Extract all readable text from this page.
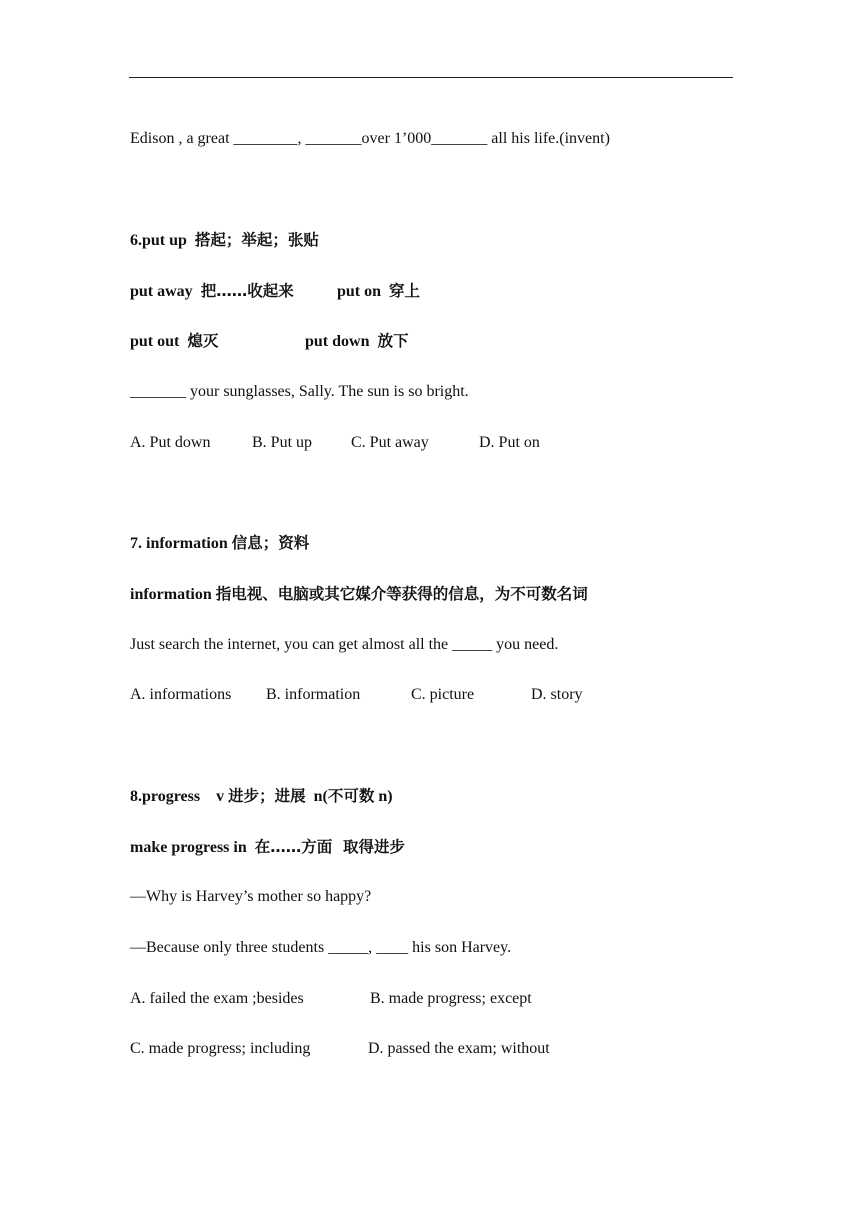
Edison , a great ________, _______over 1’000_______ all his life.(invent)
6.put up  搭起；举起；张贴
put away  把……收起来	put on  穿上
put out  熄灭	put down  放下
_______ your sunglasses, Sally. The sun is so bright.
A. Put down	B. Put up C. Put away	D. Put on
7. information 信息；资料
information 指电视、电脑或其它媒介等获得的信息，为不可数名词
Just search the internet, you can get almost all the _____ you need.
A. informations B. information	C. picture	D. story
8.progress    v 进步；进展  n(不可数 n)
make progress in  在……方面  取得进步
—Why is Harvey’s mother so happy?
—Because only three students _____, ____ his son Harvey.
A. failed the exam ;besides	B. made progress; except
C. made progress; including	D. passed the exam; without
